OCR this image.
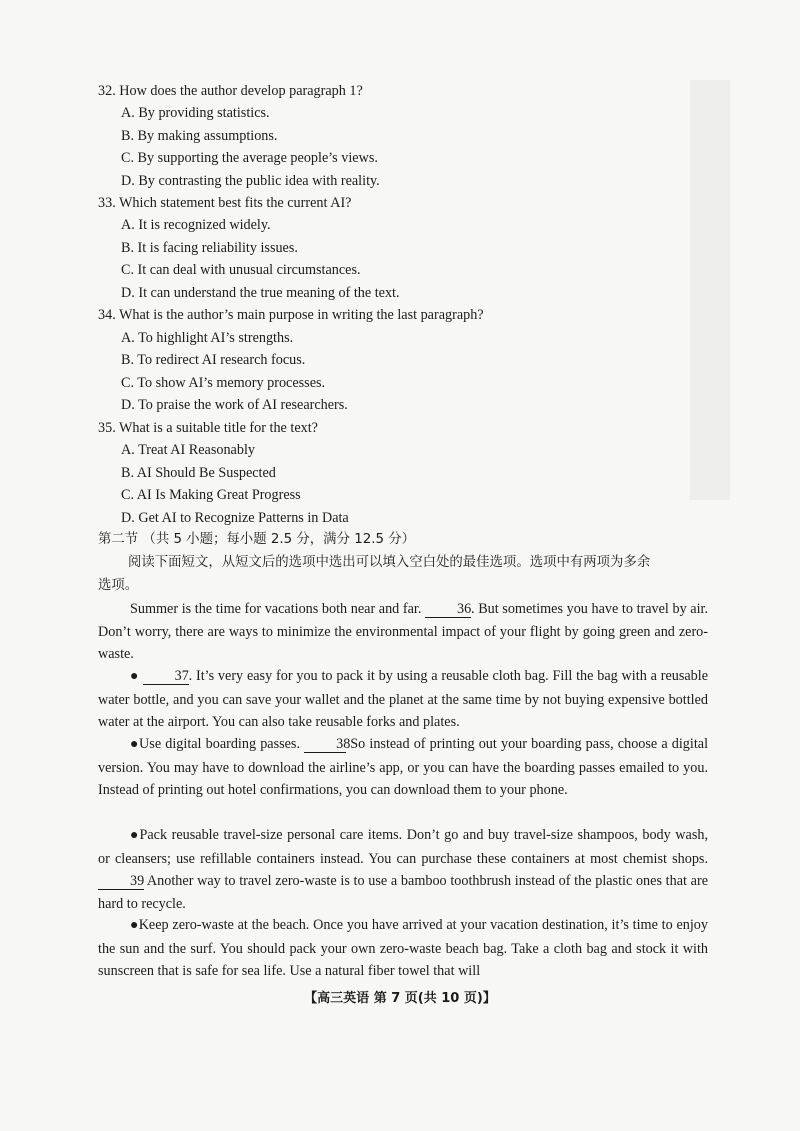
32. How does the author develop paragraph 1?
A. By providing statistics.
B. By making assumptions.
C. By supporting the average people’s views.
D. By contrasting the public idea with reality.
33. Which statement best fits the current AI?
A. It is recognized widely.
B. It is facing reliability issues.
C. It can deal with unusual circumstances.
D. It can understand the true meaning of the text.
34. What is the author’s main purpose in writing the last paragraph?
A. To highlight AI’s strengths.
B. To redirect AI research focus.
C. To show AI’s memory processes.
D. To praise the work of AI researchers.
35. What is a suitable title for the text?
A. Treat AI Reasonably
B. AI Should Be Suspected
C. AI Is Making Great Progress
D. Get AI to Recognize Patterns in Data
第二节 （共 5 小题；每小题 2.5 分，满分 12.5 分）
阅读下面短文，从短文后的选项中选出可以填入空白处的最佳选项。选项中有两项为多余
选项。
Summer is the time for vacations both near and far.	36. But sometimes you have to travel by air. Don’t worry, there are ways to minimize the environmental impact of your flight by going green and zero-waste.
●	37. It’s very easy for you to pack it by using a reusable cloth bag. Fill the bag with a reusable water bottle, and you can save your wallet and the planet at the same time by not buying expensive bottled water at the airport. You can also take reusable forks and plates.
●Use digital boarding passes.	38 So instead of printing out your boarding pass, choose a digital version. You may have to download the airline’s app, or you can have the boarding passes emailed to you. Instead of printing out hotel confirmations, you can download them to your phone.
●Pack reusable travel-size personal care items. Don’t go and buy travel-size shampoos, body wash, or cleansers; use refillable containers instead. You can purchase these containers at most chemist shops. 39 Another way to travel zero-waste is to use a bamboo toothbrush instead of the plastic ones that are hard to recycle.
●Keep zero-waste at the beach. Once you have arrived at your vacation destination, it’s time to enjoy the sun and the surf. You should pack your own zero-waste beach bag. Take a cloth bag and stock it with sunscreen that is safe for sea life. Use a natural fiber towel that will
【高三英语 第 7 页(共 10 页)】
